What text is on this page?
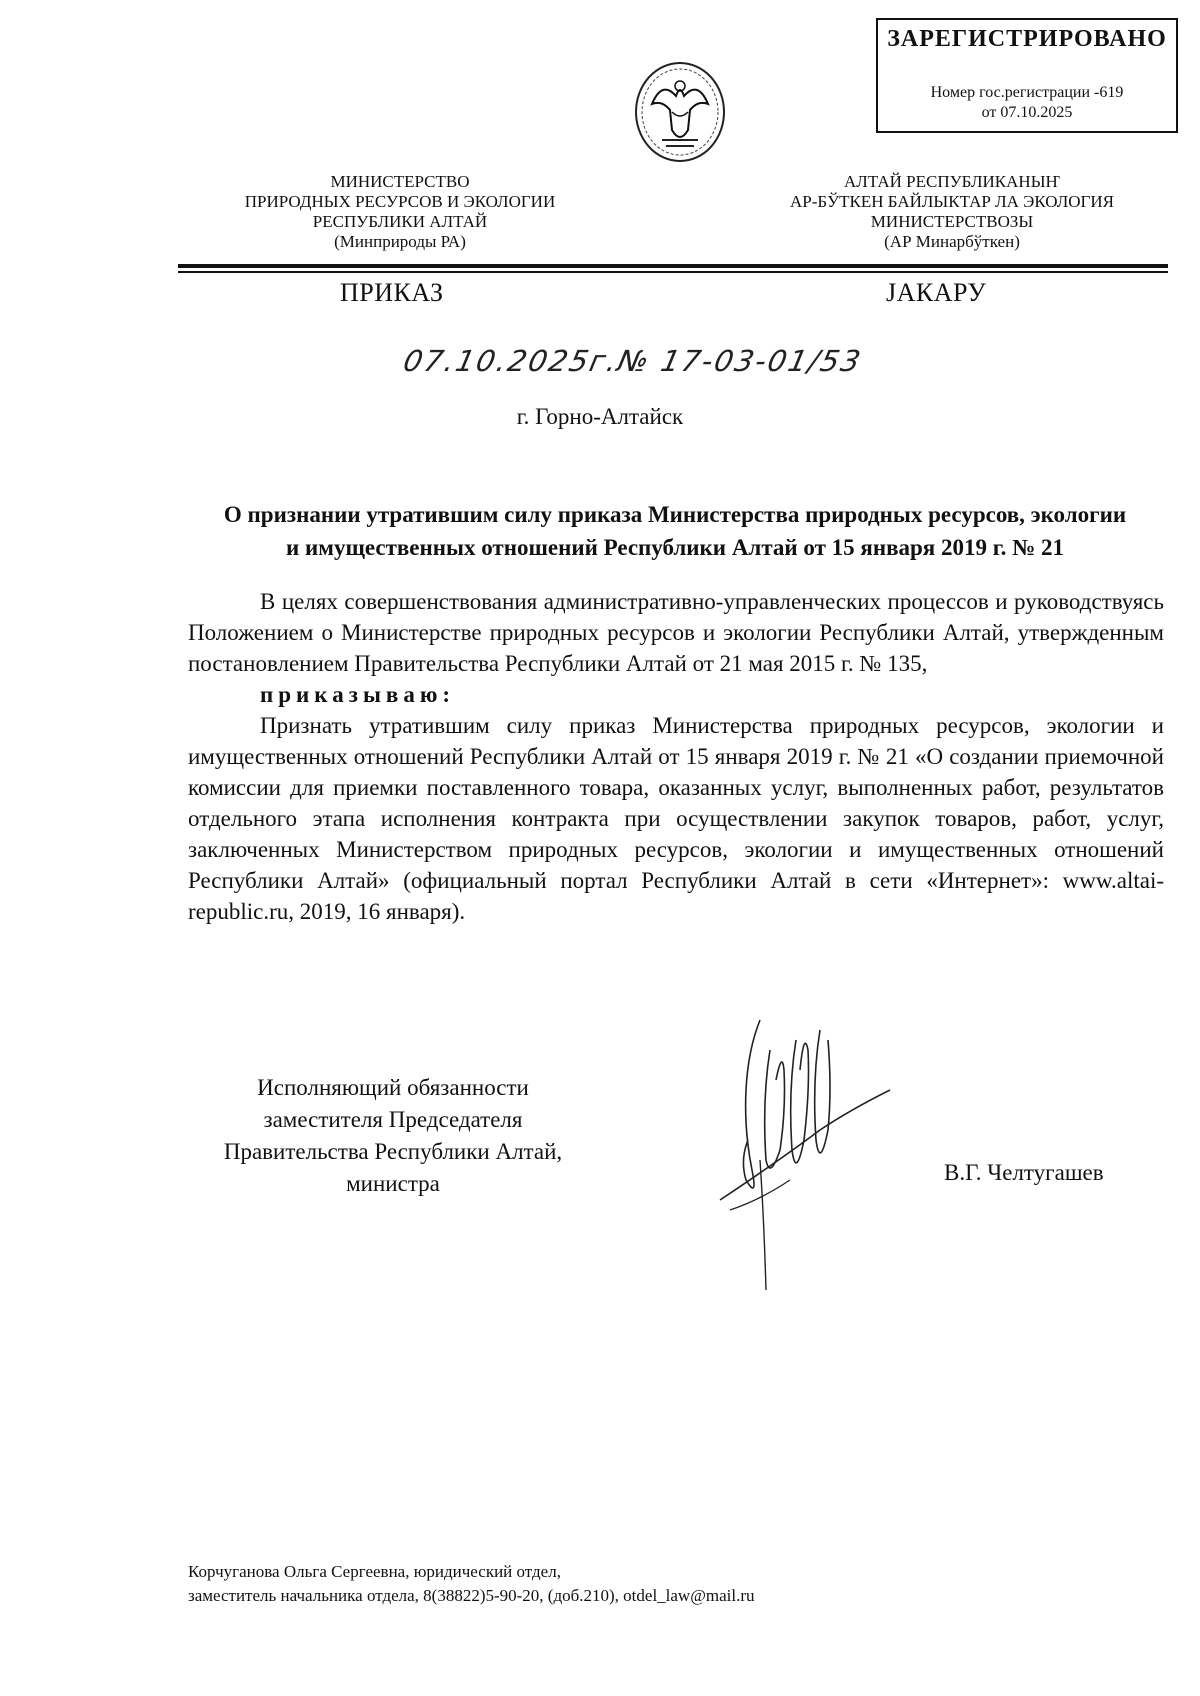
ЗАРЕГИСТРИРОВАНО
Номер гос.регистрации -619
от 07.10.2025
МИНИСТЕРСТВО
ПРИРОДНЫХ РЕСУРСОВ И ЭКОЛОГИИ
РЕСПУБЛИКИ АЛТАЙ
(Минприроды РА)
АЛТАЙ РЕСПУБЛИКАНЫҤ
АР-БЎТКЕН БАЙЛЫКТАР ЛА ЭКОЛОГИЯ
МИНИСТЕРСТВОЗЫ
(АР Минарбўткен)
ПРИКАЗ	JАКАРУ
07.10.2025г.
№ 17-03-01/53
г. Горно-Алтайск
О признании утратившим силу приказа Министерства природных ресурсов, экологии
и имущественных отношений Республики Алтай от 15 января 2019 г. № 21

В целях совершенствования административно-управленческих процессов и руководствуясь Положением о Министерстве природных ресурсов и экологии Республики Алтай, утвержденным постановлением Правительства Республики Алтай от 21 мая 2015 г. № 135,

приказываю:

Признать утратившим силу приказ Министерства природных ресурсов, экологии и имущественных отношений Республики Алтай от 15 января 2019 г. № 21 «О создании приемочной комиссии для приемки поставленного товара, оказанных услуг, выполненных работ, результатов отдельного этапа исполнения контракта при осуществлении закупок товаров, работ, услуг, заключенных Министерством природных ресурсов, экологии и имущественных отношений Республики Алтай» (официальный портал Республики Алтай в сети «Интернет»: www.altai-republic.ru, 2019, 16 января).

Исполняющий обязанности
заместителя Председателя
Правительства Республики Алтай,
министра	В.Г. Челтугашев
Корчуганова Ольга Сергеевна, юридический отдел,
заместитель начальника отдела, 8(38822)5-90-20, (доб.210), otdel_law@mail.ru
